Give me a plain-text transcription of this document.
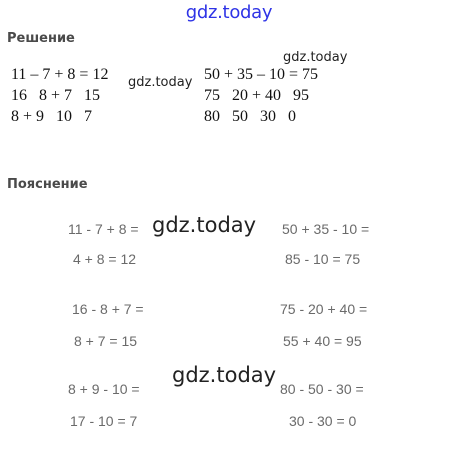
gdz.today
Решение
11 – 7 + 8 = 12
16   8 + 7   15
8 + 9   10   7
50 + 35 – 10 = 75
75   20 + 40   95
80   50   30   0
gdz.today
gdz.today
Пояснение
11 - 7 + 8 =
4 + 8 = 12
50 + 35 - 10 =
85 - 10 = 75
16 - 8 + 7 =
8 + 7 = 15
75 - 20 + 40 =
55 + 40 = 95
8 + 9 - 10 =
17 - 10 = 7
80 - 50 - 30 =
30 - 30 = 0
gdz.today
gdz.today
